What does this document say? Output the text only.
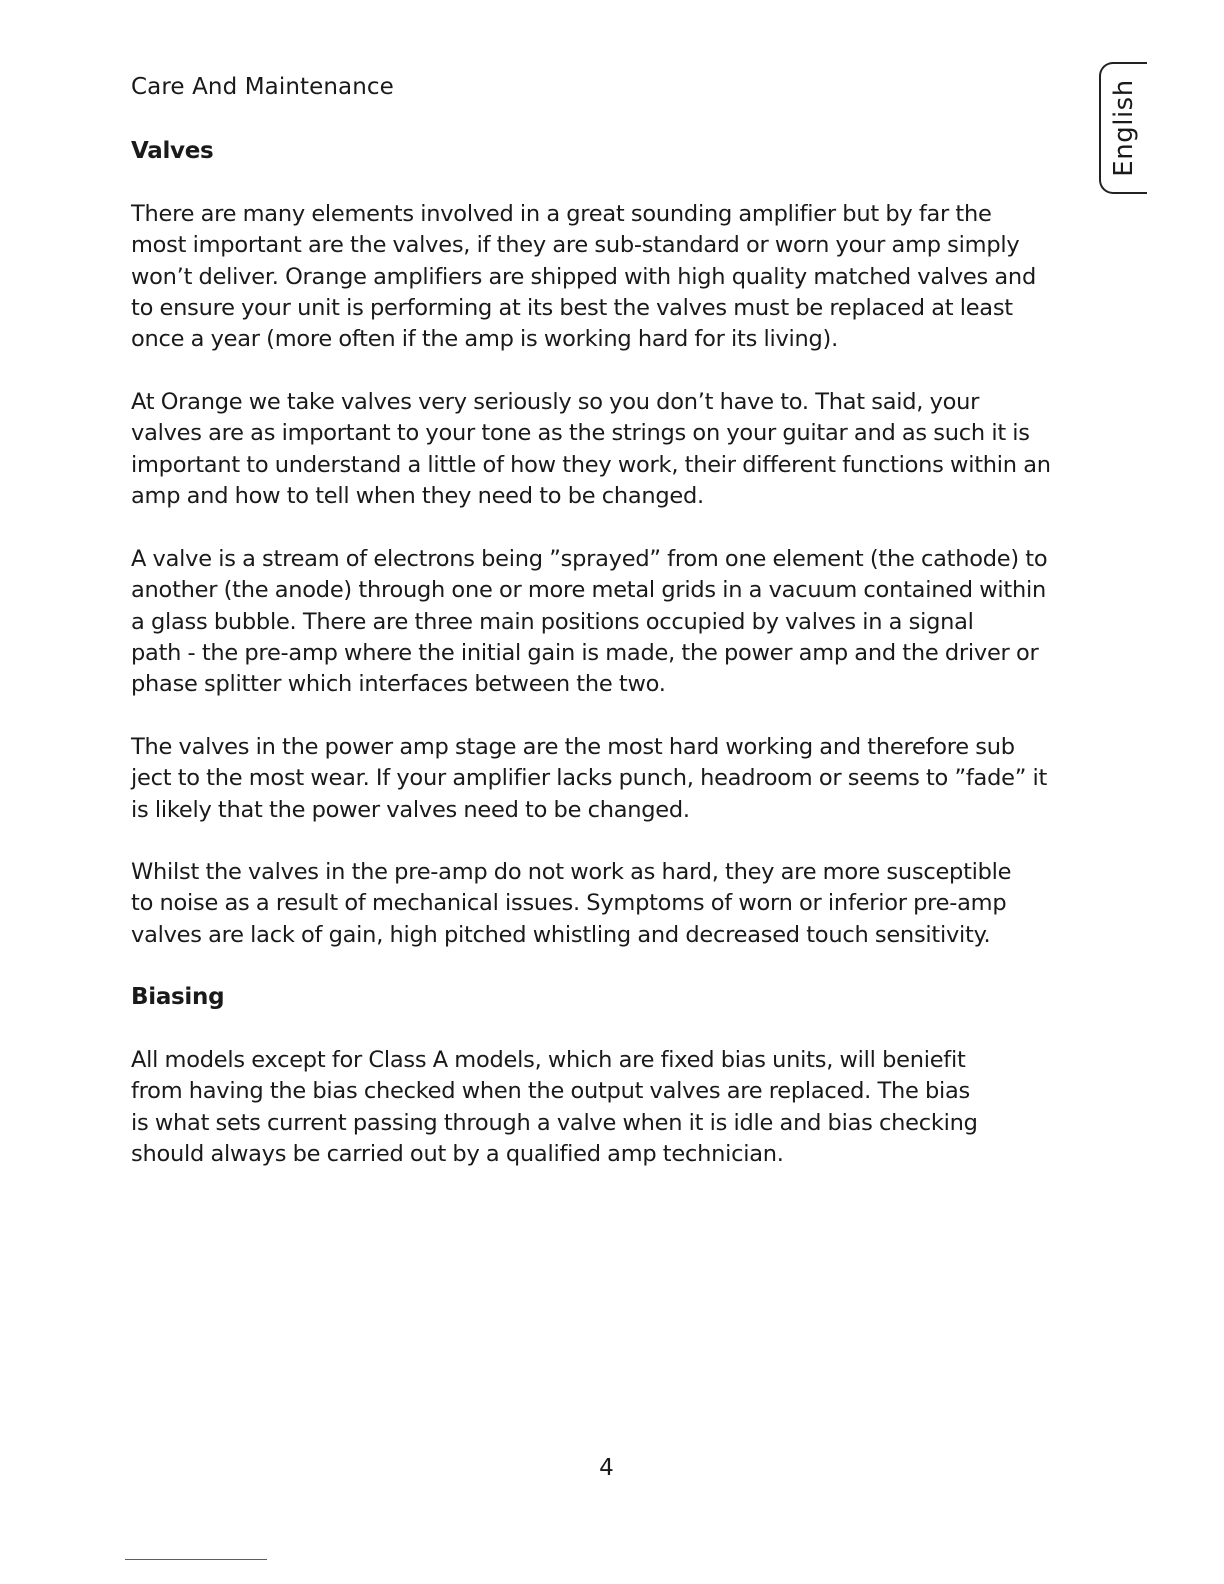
Care And Maintenance	English
Valves
There are many elements involved in a great sounding amplifier but by far the
most important are the valves, if they are sub-standard or worn your amp simply
won’t deliver. Orange amplifiers are shipped with high quality matched valves and
to ensure your unit is performing at its best the valves must be replaced at least
once a year (more often if the amp is working hard for its living).
At Orange we take valves very seriously so you don’t have to. That said, your
valves are as important to your tone as the strings on your guitar and as such it is
important to understand a little of how they work, their different functions within an
amp and how to tell when they need to be changed.
A valve is a stream of electrons being ”sprayed” from one element (the cathode) to
another (the anode) through one or more metal grids in a vacuum contained within
a glass bubble. There are three main positions occupied by valves in a signal
path - the pre-amp where the initial gain is made, the power amp and the driver or
phase splitter which interfaces between the two.
The valves in the power amp stage are the most hard working and therefore sub
ject to the most wear. If your amplifier lacks punch, headroom or seems to ”fade” it
is likely that the power valves need to be changed.
Whilst the valves in the pre-amp do not work as hard, they are more susceptible
to noise as a result of mechanical issues. Symptoms of worn or inferior pre-amp
valves are lack of gain, high pitched whistling and decreased touch sensitivity.
Biasing
All models except for Class A models, which are fixed bias units, will beniefit
from having the bias checked when the output valves are replaced. The bias
is what sets current passing through a valve when it is idle and bias checking
should always be carried out by a qualified amp technician.
4
